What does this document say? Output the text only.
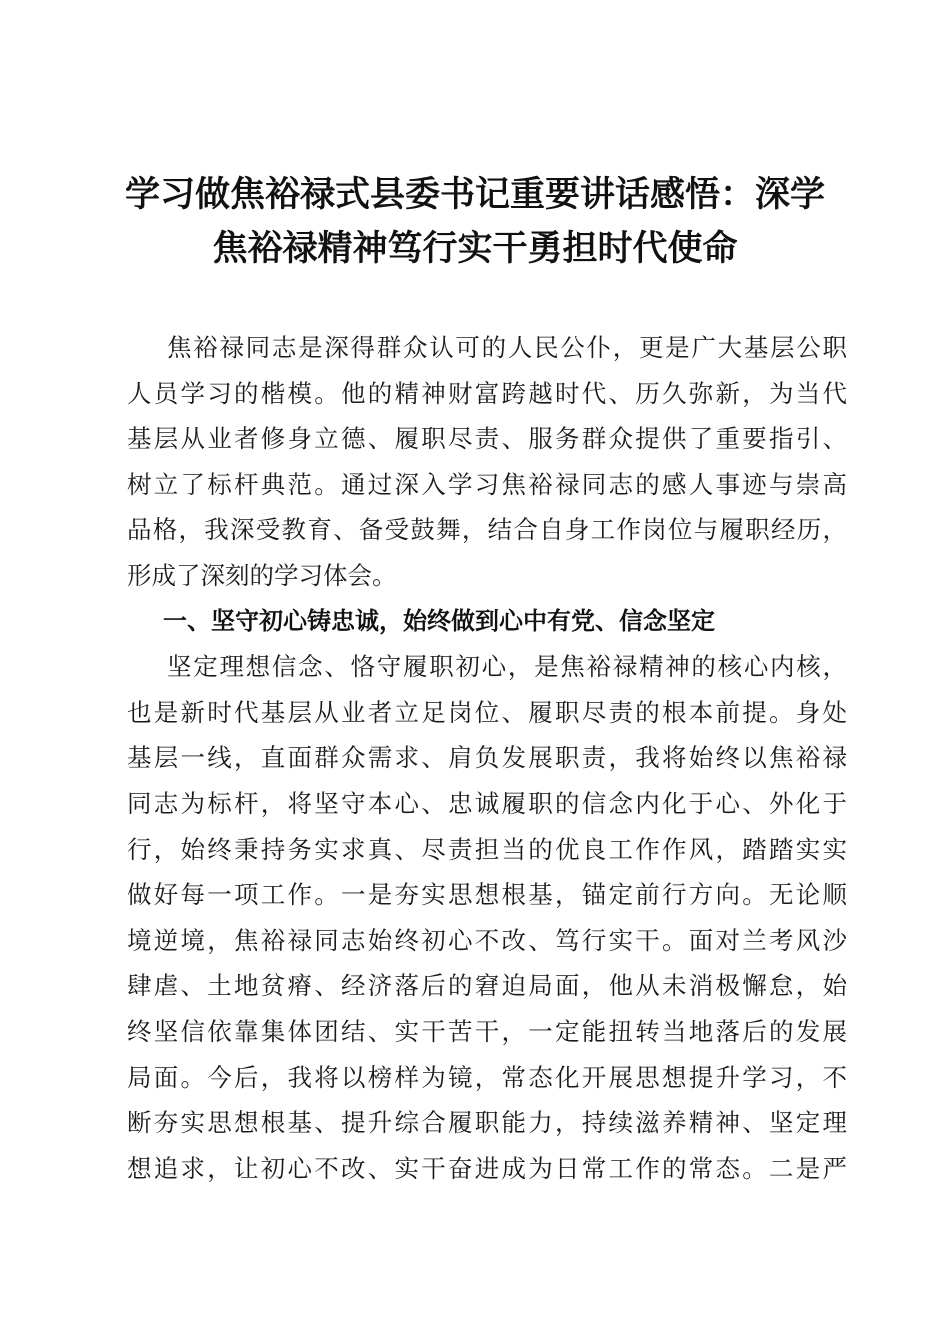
学习做焦裕禄式县委书记重要讲话感悟：深学
焦裕禄精神笃行实干勇担时代使命
焦裕禄同志是深得群众认可的人民公仆，更是广大基层公职
人员学习的楷模。他的精神财富跨越时代、历久弥新，为当代
基层从业者修身立德、履职尽责、服务群众提供了重要指引、
树立了标杆典范。通过深入学习焦裕禄同志的感人事迹与崇高
品格，我深受教育、备受鼓舞，结合自身工作岗位与履职经历，
形成了深刻的学习体会。
一、坚守初心铸忠诚，始终做到心中有党、信念坚定
坚定理想信念、恪守履职初心，是焦裕禄精神的核心内核，
也是新时代基层从业者立足岗位、履职尽责的根本前提。身处
基层一线，直面群众需求、肩负发展职责，我将始终以焦裕禄
同志为标杆，将坚守本心、忠诚履职的信念内化于心、外化于
行，始终秉持务实求真、尽责担当的优良工作作风，踏踏实实
做好每一项工作。一是夯实思想根基，锚定前行方向。无论顺
境逆境，焦裕禄同志始终初心不改、笃行实干。面对兰考风沙
肆虐、土地贫瘠、经济落后的窘迫局面，他从未消极懈怠，始
终坚信依靠集体团结、实干苦干，一定能扭转当地落后的发展
局面。今后，我将以榜样为镜，常态化开展思想提升学习，不
断夯实思想根基、提升综合履职能力，持续滋养精神、坚定理
想追求，让初心不改、实干奋进成为日常工作的常态。二是严
